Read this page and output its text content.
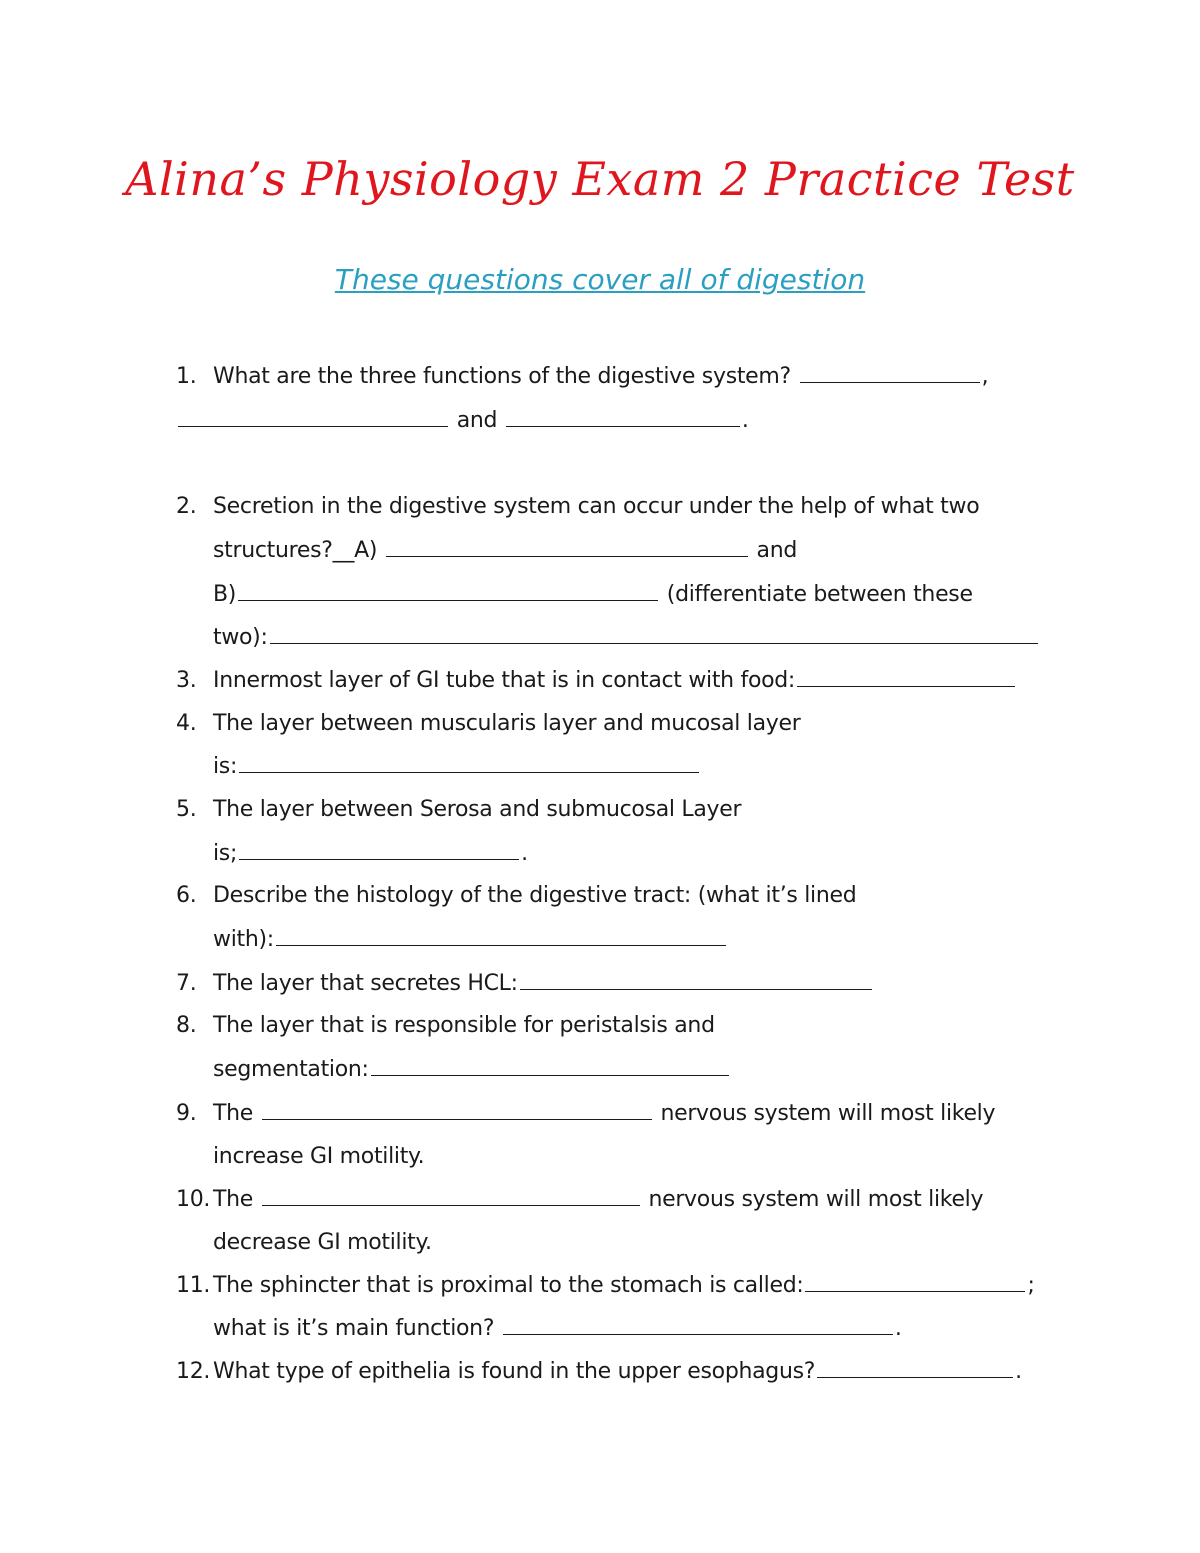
Alina’s Physiology Exam 2 Practice Test
These questions cover all of digestion
1. What are the three functions of the digestive system?	,
and	.
2. Secretion in the digestive system can occur under the help of what two
structures?__A)	and
B)	(differentiate between these
two):
3. Innermost layer of GI tube that is in contact with food:
4. The layer between muscularis layer and mucosal layer
is:
5. The layer between Serosa and submucosal Layer
is;	.
6. Describe the histology of the digestive tract: (what it’s lined
with):
7. The layer that secretes HCL:
8. The layer that is responsible for peristalsis and
segmentation:
9. The	nervous system will most likely
increase GI motility.
10. The	nervous system will most likely
decrease GI motility.
11. The sphincter that is proximal to the stomach is called:	;
what is it’s main function?	.
12. What type of epithelia is found in the upper esophagus?	.
